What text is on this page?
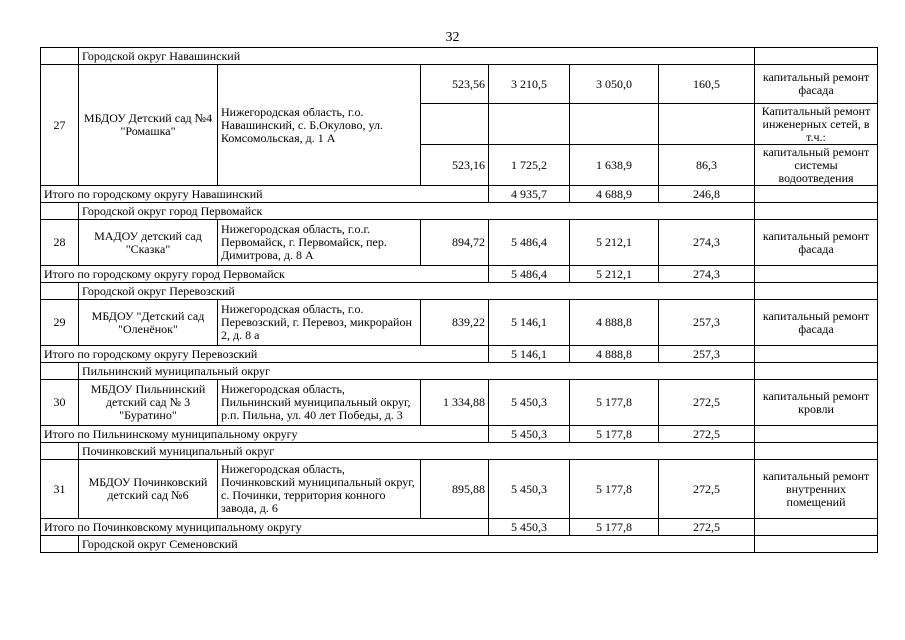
32
	Городской округ Навашинский						
27	МБДОУ Детский сад №4 "Ромашка"	Нижегородская область, г.о. Навашинский, с. Б.Окулово, ул. Комсомольская, д. 1 А	523,56	3 210,5	3 050,0	160,5	капитальный ремонт фасада
							Капитальный ремонт инженерных сетей, в т.ч.:
			523,16	1 725,2	1 638,9	86,3	капитальный ремонт системы водоотведения
Итого по городскому округу Навашинский				4 935,7	4 688,9	246,8	
	Городской округ город Первомайск						
28	МАДОУ детский сад "Сказка"	Нижегородская область, г.о.г. Первомайск, г. Первомайск, пер. Димитрова, д. 8 А	894,72	5 486,4	5 212,1	274,3	капитальный ремонт фасада
Итого по городскому округу город Первомайск				5 486,4	5 212,1	274,3	
	Городской округ Перевозский						
29	МБДОУ "Детский сад "Оленёнок"	Нижегородская область, г.о. Перевозский, г. Перевоз, микрорайон 2, д. 8 а	839,22	5 146,1	4 888,8	257,3	капитальный ремонт фасада
Итого по городскому округу Перевозский				5 146,1	4 888,8	257,3	
	Пильнинский муниципальный округ						
30	МБДОУ Пильнинский детский сад № 3 "Буратино"	Нижегородская область, Пильнинский муниципальный округ, р.п. Пильна, ул. 40 лет Победы, д. 3	1 334,88	5 450,3	5 177,8	272,5	капитальный ремонт кровли
Итого по Пильнинскому муниципальному округу				5 450,3	5 177,8	272,5	
	Починковский муниципальный округ						
31	МБДОУ Починковский детский сад №6	Нижегородская область, Починковский муниципальный округ, с. Починки, территория конного завода, д. 6	895,88	5 450,3	5 177,8	272,5	капитальный ремонт внутренних помещений
Итого по Починковскому муниципальному округу				5 450,3	5 177,8	272,5	
	Городской округ Семеновский						
